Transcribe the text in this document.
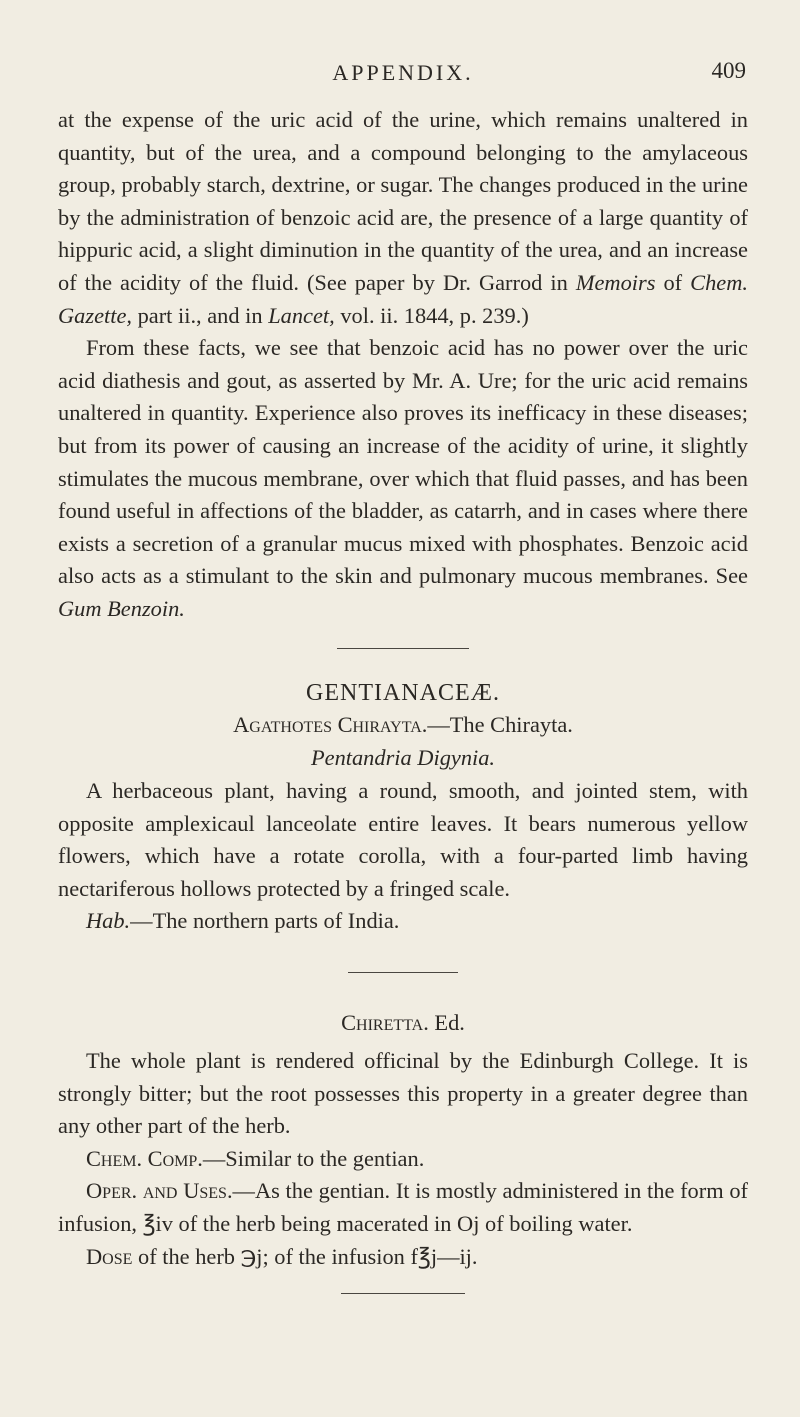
APPENDIX.	409

at the expense of the uric acid of the urine, which remains unaltered in quantity, but of the urea, and a compound belonging to the amylaceous group, probably starch, dextrine, or sugar. The changes produced in the urine by the administration of benzoic acid are, the presence of a large quantity of hippuric acid, a slight diminution in the quantity of the urea, and an increase of the acidity of the fluid. (See paper by Dr. Garrod in Memoirs of Chem. Gazette, part ii., and in Lancet, vol. ii. 1844, p. 239.)

From these facts, we see that benzoic acid has no power over the uric acid diathesis and gout, as asserted by Mr. A. Ure; for the uric acid remains unaltered in quantity. Experience also proves its inefficacy in these diseases; but from its power of causing an increase of the acidity of urine, it slightly stimulates the mucous membrane, over which that fluid passes, and has been found useful in affections of the bladder, as catarrh, and in cases where there exists a secretion of a granular mucus mixed with phosphates. Benzoic acid also acts as a stimulant to the skin and pulmonary mucous membranes. See Gum Benzoin.

GENTIANACEÆ.
Agathotes Chirayta.—The Chirayta.
Pentandria Digynia.

A herbaceous plant, having a round, smooth, and jointed stem, with opposite amplexicaul lanceolate entire leaves. It bears numerous yellow flowers, which have a rotate corolla, with a four-parted limb having nectariferous hollows protected by a fringed scale.

Hab.—The northern parts of India.

Chiretta. Ed.

The whole plant is rendered officinal by the Edinburgh College. It is strongly bitter; but the root possesses this property in a greater degree than any other part of the herb.

Chem. Comp.—Similar to the gentian.

Oper. and Uses.—As the gentian. It is mostly administered in the form of infusion, ℥iv of the herb being macerated in Oj of boiling water.

Dose of the herb ℈j; of the infusion f℥j—ij.
